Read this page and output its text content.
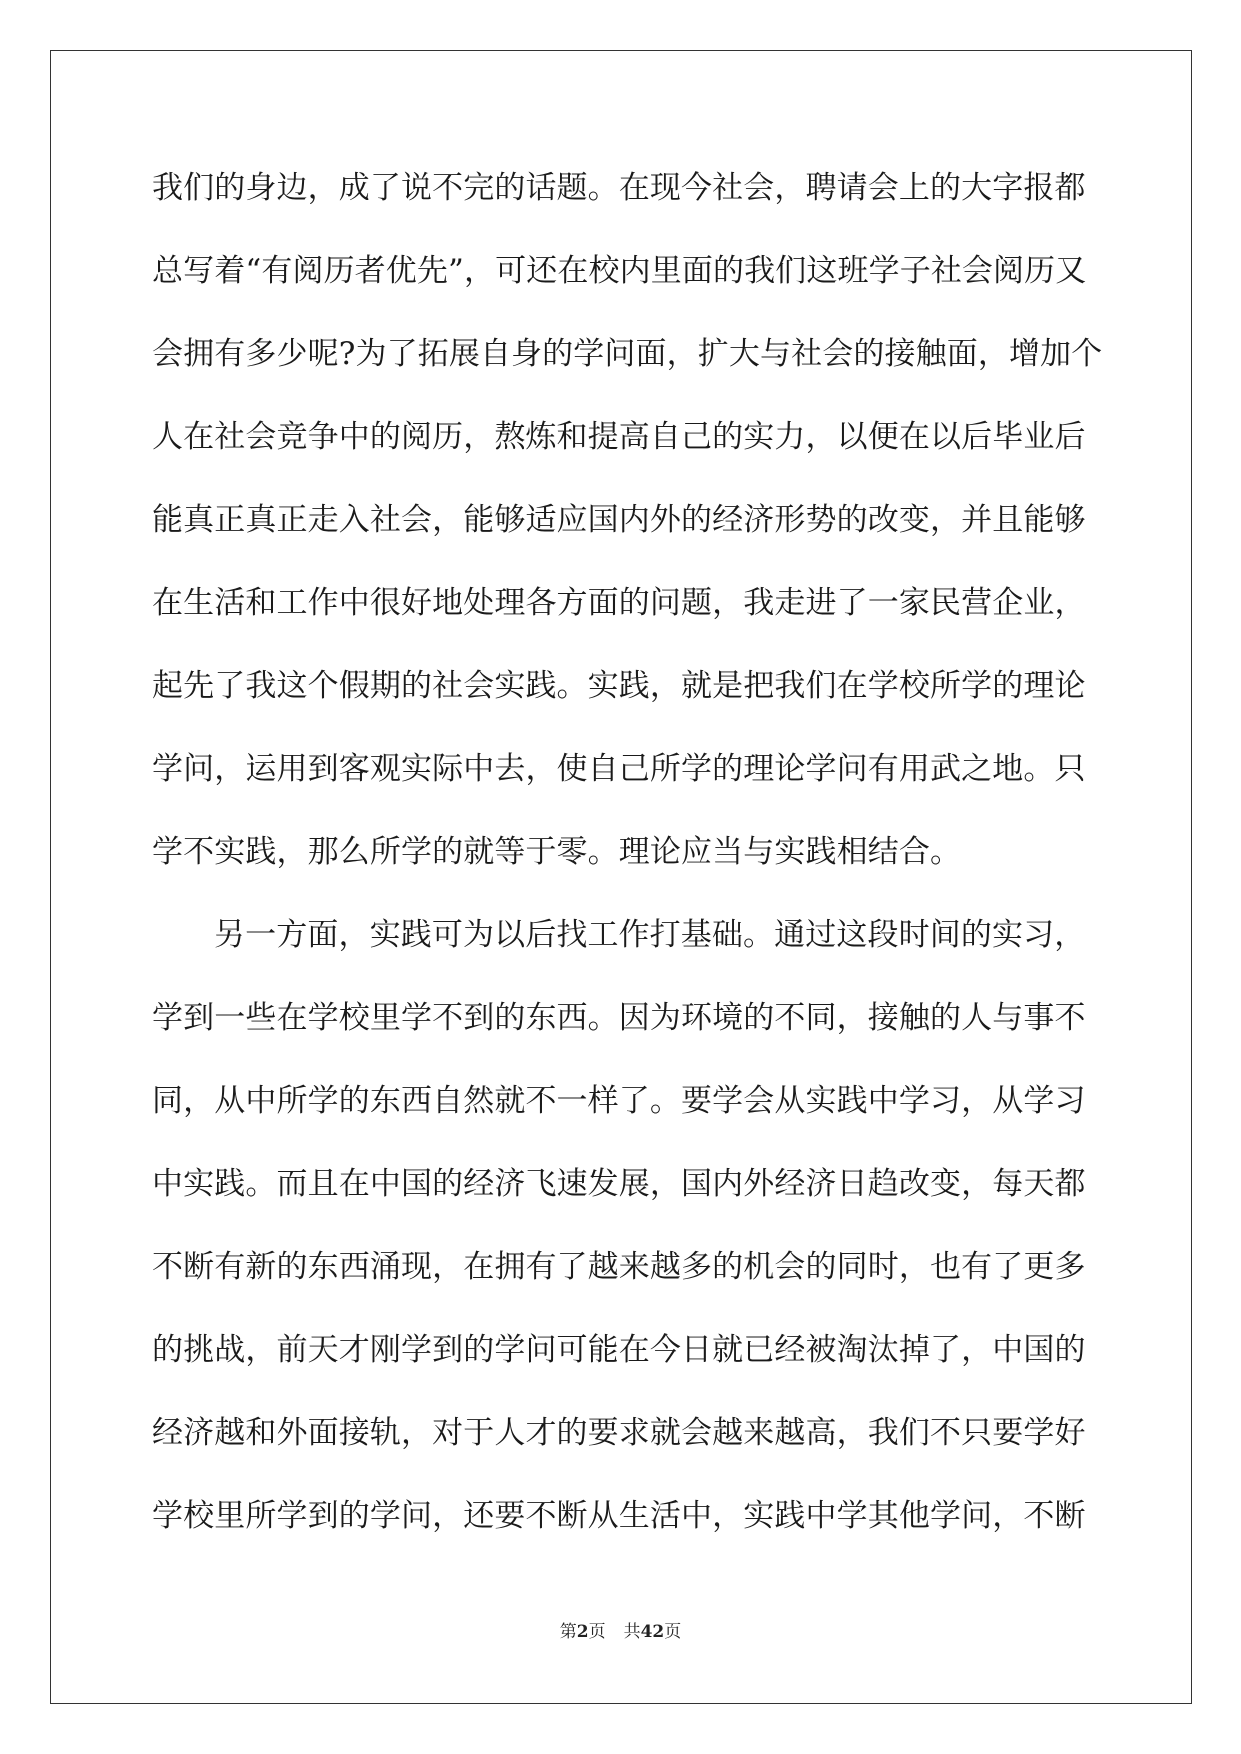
我们的身边，成了说不完的话题。在现今社会，聘请会上的大字报都
总写着“有阅历者优先”，可还在校内里面的我们这班学子社会阅历又
会拥有多少呢?为了拓展自身的学问面，扩大与社会的接触面，增加个
人在社会竞争中的阅历，熬炼和提高自己的实力，以便在以后毕业后
能真正真正走入社会，能够适应国内外的经济形势的改变，并且能够
在生活和工作中很好地处理各方面的问题，我走进了一家民营企业，
起先了我这个假期的社会实践。实践，就是把我们在学校所学的理论
学问，运用到客观实际中去，使自己所学的理论学问有用武之地。只
学不实践，那么所学的就等于零。理论应当与实践相结合。
另一方面，实践可为以后找工作打基础。通过这段时间的实习，
学到一些在学校里学不到的东西。因为环境的不同，接触的人与事不
同，从中所学的东西自然就不一样了。要学会从实践中学习，从学习
中实践。而且在中国的经济飞速发展，国内外经济日趋改变，每天都
不断有新的东西涌现，在拥有了越来越多的机会的同时，也有了更多
的挑战，前天才刚学到的学问可能在今日就已经被淘汰掉了，中国的
经济越和外面接轨，对于人才的要求就会越来越高，我们不只要学好
学校里所学到的学问，还要不断从生活中，实践中学其他学问，不断
第2页 共42页
